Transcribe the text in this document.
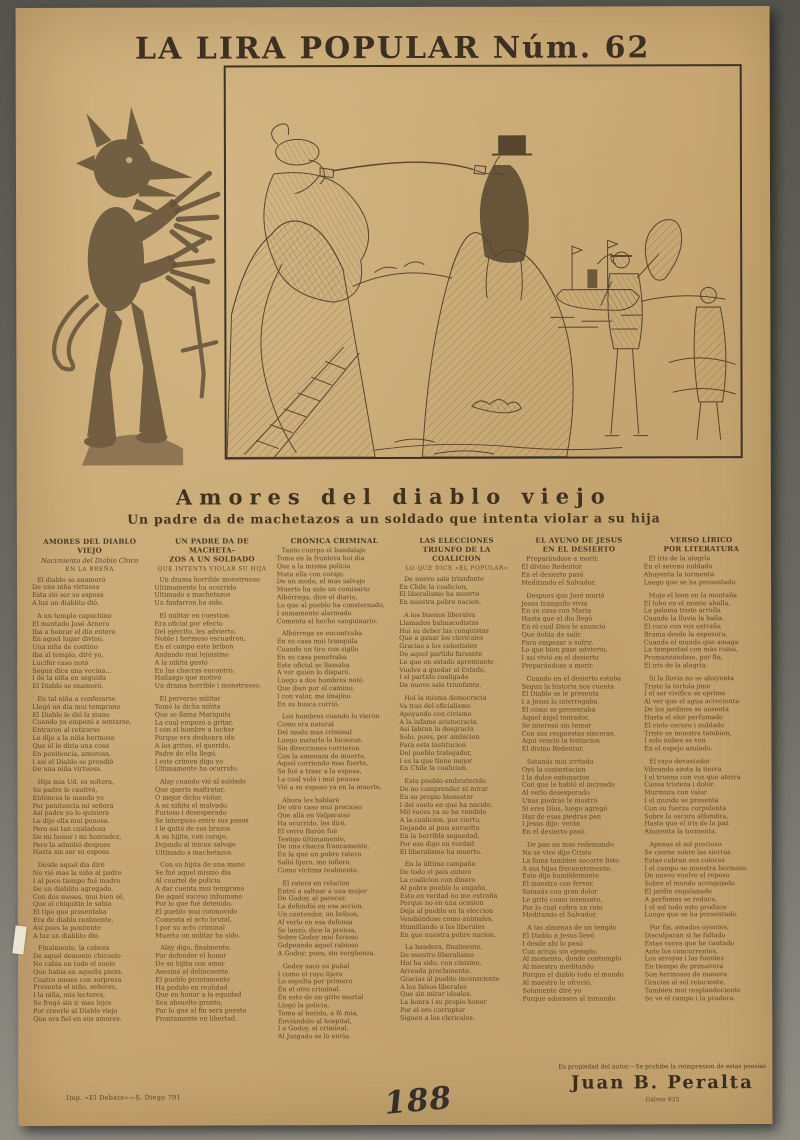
LA LIRA POPULAR Núm. 62
Amores del diablo viejo
Un padre da de machetazos a un soldado que intenta violar a su hija
AMORES DEL DIABLO VIEJO
Nacimiento del Diablo Chico
EN LA BREÑA

El diablo se enamoró
De una niña virtuosa
Esta sin ser su esposa
A luz un diablito dió.

A un templo capuchino
El mentado José Arnero
Iba a honrar el día entero
En aquel lugar divino,
Una niña de contino
Iba al templo, diré yo,
Lucifer caso notó
Segun dice una vecina...
I de la niña en seguida
El Diablo se enamoró.

En tal niña a confesarse
Llegó un día mui temprano
El Diablo le dió la mano
Cuando ya empezó a sentarse,
Entraron al retirarse
Le dijo a la niña hermosa
Que él le diria una cosa
En penitencia, amorosa,
I así el Diablo se prendió
De una niña virtuosa.

Hija mia Ud. es soltera,
Su padre le cautivó,
Entónces le mando yo
Por penitencia mi señora
Así padre yo lo quisiera
Le dijo ella mui penosa.
Pero soi tan cuidadosa
De mi honor i mi honradez,
Pero la admitió despues
Hasta sin ser su esposa.

Desde aquel dia diré
No vió mas la niña al padre
I al poco tiempo fué madre
De un diablito agregado.
Con dos meses, mui bien sé,
Que el chiquitin le sabia
El tipo que presentaba
Era de diablo realmente,
Así pues la penitente
A luz un diablito dió.

Finalmente, la cabeza
De aquel demonio chicuelo
No cabia en todo el suelo
Que habia en aquella pieza.
Cuatro meses con sorpresa
Presenta el niño, señores,
I la niña, mis lectores,
Se fregó sin ir mas lejos
Por creerle al Diablo viejo
Que era fiel en sus amores.

UN PADRE DA DE MACHETA-
ZOS A UN SOLDADO
QUE INTENTA VIOLAR SU HIJA

Un drama horrible monstruoso
Últimamente ha ocurrido
Ultimado a machetazos
Un fanfarron ha sido.

El militar en cuestion
Era oficial por efecto
Del ejército, les advierto,
Noble i hermoso escuadron,
En el campo este bribon
Andando mui lejuisimo
A la niñita gustó
En las chacras encontró,
Hallazgo que motivó
Un drama horrible i monstruoso.

El perverso militar
Tomó la dicha niñita
Que se llama Mariquita
La cual empezó a gritar,
I con el hombre a luchar
Porque era deshonra ida
A los gritos, el querido,
Padre de ella llegó,
I este crímen digo yo
Últimamente ha ocurrido.

Alay cuando vió al soldado
Que queria maltratar,
O mejor dicho violar,
A su niñita el malvado.
Furioso i desesperado
Se interpuso entre sus pasos
I le quitó de sus brazos
A su hijita, con coraje,
Dejando al inicuo salvaje
Ultimado a machetazos.

Con su hijita de una mano
Se fué aquel mismo dia
Al cuartel de policia
A dar cuenta mui temprano
De aquel suceso inhumano
Por lo que fué detenido.
El pueblo mui conmovido
Comenta el acto brutal,
I por su acto criminal
Muerto un militar ha sido.

Alay digo, finalmente,
Por defender el honor
De su hijita con amor
Asesinó al delincuente.
El pueblo prontamente
Ha pedido en realidad
Que en honor a la equidad
Sea absuelto pronto,
Por lo que al fin será puesto
Prontamente en libertad.

CRÓNICA CRIMINAL

Tanto cuerpo el bandalaje
Toma en la frontera hoi dia
Que a la misma policia
Mata ella con coraje.
De un modo, el mas salvaje
Muerto ha sido un comisario
Albórrega, dice el diario,
Lo que al pueblo ha consternado,
I sumamente alarmado
Comenta el hecho sanguinario.

Albórrega se encontraba
En su casa mui tranquila
Cuando un tiro con sigilo
En su casa penetraba
Este oficial se llamaba
A ver quién lo disparó,
Luego a dos hombres notó
Que iban por el camino,
I con valor, me imajino
En su busca corrió.

Los hombres cuando lo vieron
Como era natural
Del modo mas criminal
Luego matarlo lo hicieron.
Sin direcciones corrieron
Con la amenaza de muerte,
Aquel corriendo mas fuerte,
Se fué a traer a la esposa,
La cual voló i mui penosa
Vió a su esposo ya en la muerte.

Ahora les hablaré
De otro caso mui precioso
Que allá en Valparaiso
Ha ocurrido, les diré,
El cerro Barón fué
Testigo últimamente,
De una chacra francamente,
En la que un pobre ratero
Salió lijero, me infiero,
Como víctima realmente.

El ratero en relacion
Entró a saltear a una mujer
De Godoy, al parecer,
La defendió en esa accion.
Un contendor, un bribon,
Al verlo en esa defensa
Se lanzó, dice la prensa,
Sobre Godoy mui furioso
Golpeando aquel rabioso
A Godoy; pues, sin vergüenza.

Godoy sacó su puñal
I como el rayo lijero
Lo sepulta por primero
En el otro criminal.
En esto de un grito mortal
Llegó la policia,
Toma al herido, a fé mia,
Enviándolo al hospital,
I a Godoy, el criminal,
Al Juzgado se lo envia.

LAS ELECCIONES
TRIUNFO DE LA COALICION
LO QUE DICE «EL POPULAR»

De nuevo sale triunfante
En Chile la coalicion,
El liberalismo ha muerto
En nuestra pobre nacion.

A los buenos liberales
Llamados balmacedistas
Hoi su deber las conquistas
Que a ganar los clericales
Gracias a los celestiales
De aquel partido farsante
Lo que en estado apremiante
Vuelve a quedar el Estado,
I el partido coaligado
De nuevo sale triunfante.

Hoi la misma democracia
Va tras del oficialismo
Apoyando con civismo
A la infame aristocracia.
Así labran la desgracia
Solo, pues, por ambicion
Para esta institucion
Del pueblo trabajador,
I es la que tiene mejor
En Chile la coalicion.

Este pueblo embrutecido
De no comprender ni mirar
En su propio bienestar
I del suelo en que ha nacido.
Mil veces ya se ha vendido
A la coalicion, por cierto,
Dejando al pais envuelto
En la horrible seguedad,
Por eso digo en verdad
El liberalismo ha muerto.

En la última campaña
De todo el pais entero
La coalicion con dinero
Al pobre pueblo lo engaña.
Esto en verdad no me extraña
Porque no en una ocasion
Deja al pueblo en la eleccion
Vendiéndose como animales,
Humillando a los liberales
En que nuestra pobre nacion.

La bandera, finalmente,
De nuestro liberalismo
Hoi ha sido, con cinismo,
Arreada proclamente.
Gracias al pueblo inconsciente
A los falsos liberales
Que sin mirar ideales,
La honra i su propio honor
Por el oro corruptor
Siguen a los clericales.

EL AYUNO DE JESUS
EN EL DESIERTO

Preparándose a morir,
El divino Redentor
En el desierto pasó
Meditando el Salvador.

Despues que José murió
Jesus tranquilo vivia
En su casa con Maria
Hasta que el dia llegó
En el cual Dios le anunció
Que debia de salir.
Para empezar a sufrir,
Lo que bien pase advierto,
I así vivió en el desierto
Preparándose a morir.

Cuando en el desierto estaba
Segun la historia nos cuenta
El Diablo se le presenta
I a Jesus lo interrogaba.
El cómo se presentaba
Aquel ánjel tentador,
Se interesó sin temor
Con sus respuestas sinceras,
Aquí venció la tentacion
El divino Redentor.

Satanás mui irritado
Oyó la contestacion
I la dulce entonacion
Con que le habló el increado
Al verlo desesperado
Unas piedras le mostró
Si eres Dios, luego agregó
Haz de esas piedras pan
I Jesus dijo: verán
En el desierto pasó.

De pan no mas redemando
No se vive dijo Cristo
La fama tambien socorre listo
A sus hijos frecuentemente.
Esto dijo humildemente
El maestro con fervor,
Satanás con gran dolor
Le gritó como insensato,
Por lo cual cobra un rato
Meditando el Salvador.

A las almenas de un templo
El Diablo a Jesus llevó
I desde ahí lo pasó
Con arrojo sin ejemplo,
Al momento, donde contemplo
Al maestro meditando
Porque el diablo todo el mundo
Al maestro le ofreció,
Solamente diré yo
Porque adorasen al inmundo.

VERSO LÍRICO
POR LITERATURA

El iris de la alegría
En el sereno nublado
Ahuyenta la tormenta
Luego que se ha presentado.

Muje el leon en la montaña
El lobo en el monte ahulla,
La paloma triste arrulla
Cuando la lluvia la baña.
El cuco con voz extraña
Brama desde la espesura,
Cuando el mundo que amaga
La tempestad con más ruina,
Promanzándose, por fin,
El iris de la alegría.

Si la lluvia no se ahuyenta
Triste la tórtola jime
I el ser vivífico se oprime
Al ver que el agua acrecienta
De los jardines se ausenta
Hasta el olor perfumado
El cielo oscuro i nublado
Triste se muestra tambien,
I solo nubes se ven
En el espejo azulado.

El rayo devastador
Vibrando azota la tierra
I el trueno con voz que aterra
Causa tristeza i dolor.
Murmura con valor
I el mundo se presenta
Con su fuerza corpulenta
Sobre la oscura alfombra,
Hasta que el iris de la paz
Ahuyenta la tormenta.

Apenas el sol precioso
Se cierne sobre las sierras
Estas cobran sus colores
I el campo se muestra hermoso
De nuevo vuelve el reposo
Sobre el mundo acongojado
El jardin engalanado
A perfumes se reduce,
I el sol todo esto produce
Luego que se ha presentado.

Por fin, amados oyentes,
Disculparán si he faltado
Estas voces que he cantado
Ante los concurrentes,
Los arroyos i las fuentes
En tiempo de primavera
Son hermosos de manera
Gracias al sol reluciente,
Tambien mui resplandeciente
Se ve el campo i la pradera.

Es propiedad del autor.—Se prohibe la reimpresion de estas poesías
Juan B. Peralta
Gálvez 835
Imp. «El Debate»—S. Diego 791	188
